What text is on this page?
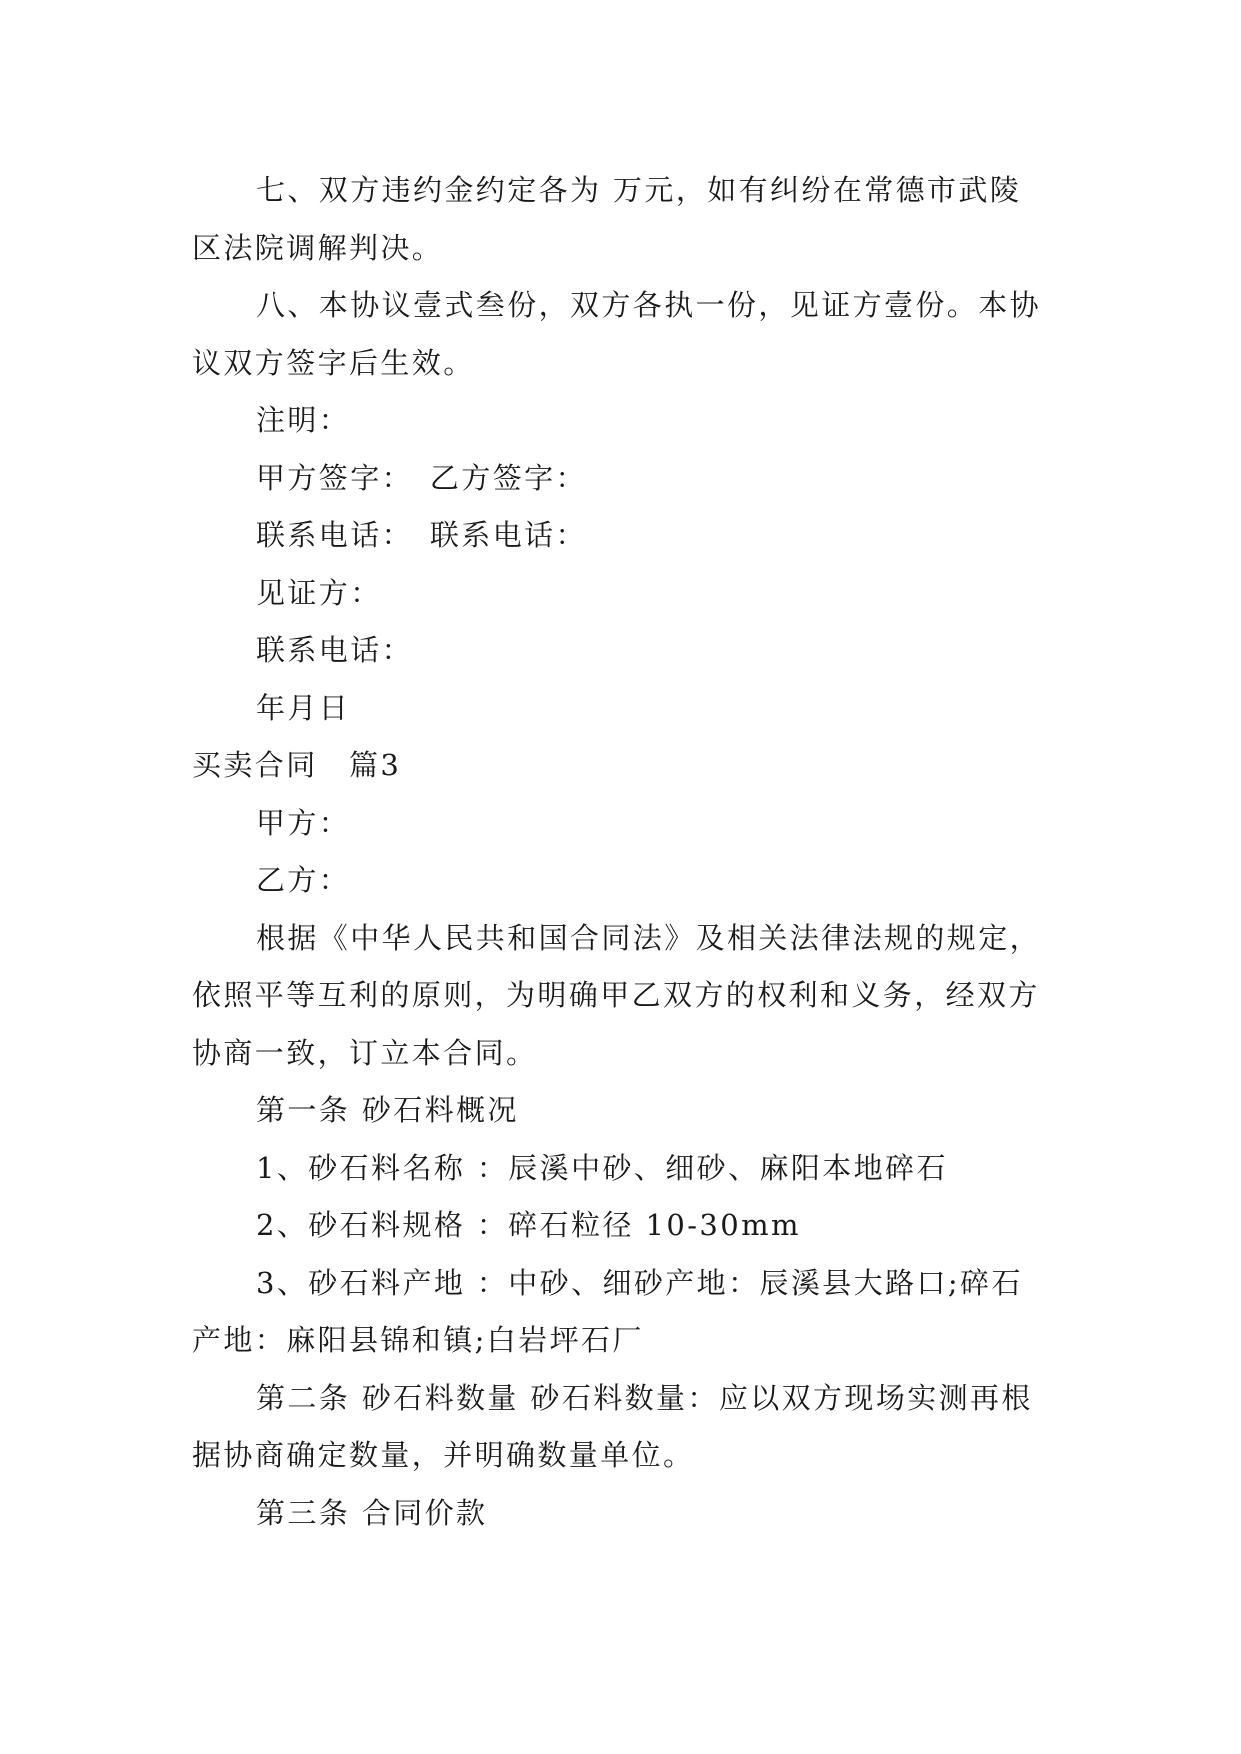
七、双方违约金约定各为 万元，如有纠纷在常德市武陵区法院调解判决。

八、本协议壹式叁份，双方各执一份，见证方壹份。本协议双方签字后生效。

注明：

甲方签字：　乙方签字：

联系电话：　联系电话：

见证方：

联系电话：

年月日

买卖合同　篇3

甲方：

乙方：

根据《中华人民共和国合同法》及相关法律法规的规定，依照平等互利的原则，为明确甲乙双方的权利和义务，经双方协商一致，订立本合同。

第一条 砂石料概况

1、砂石料名称 ：辰溪中砂、细砂、麻阳本地碎石

2、砂石料规格 ：碎石粒径 10-30mm

3、砂石料产地 ：中砂、细砂产地：辰溪县大路口;碎石产地：麻阳县锦和镇;白岩坪石厂

第二条 砂石料数量 砂石料数量：应以双方现场实测再根据协商确定数量，并明确数量单位。

第三条 合同价款
